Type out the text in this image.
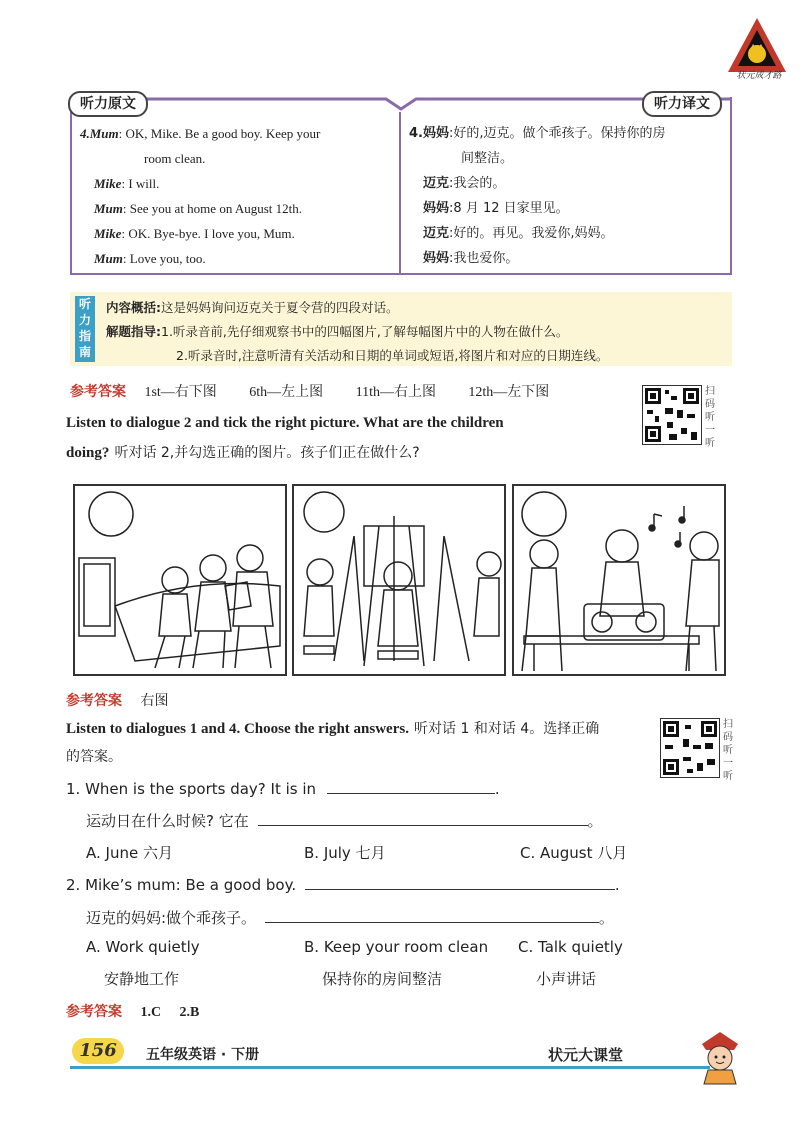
状元成才路
听力原文	听力译文
4.Mum: OK, Mike. Be a good boy. Keep your
room clean.
Mike: I will.
Mum: See you at home on August 12th.
Mike: OK. Bye-bye. I love you, Mum.
Mum: Love you, too.
4.妈妈:好的,迈克。做个乖孩子。保持你的房
间整洁。
迈克:我会的。
妈妈:8 月 12 日家里见。
迈克:好的。再见。我爱你,妈妈。
妈妈:我也爱你。
听力指南
内容概括:这是妈妈询问迈克关于夏令营的四段对话。
解题指导:1.听录音前,先仔细观察书中的四幅图片,了解每幅图片中的人物在做什么。
2.听录音时,注意听清有关活动和日期的单词或短语,将图片和对应的日期连线。
参考答案 1st—右下图 6th—左上图 11th—右上图 12th—左下图	扫码听一听
Listen to dialogue 2 and tick the right picture. What are the children
doing? 听对话 2,并勾选正确的图片。孩子们正在做什么?
参考答案 右图
Listen to dialogues 1 and 4. Choose the right answers. 听对话 1 和对话 4。选择正确
的答案。
扫码听一听
1. When is the sports day? It is in	.
运动日在什么时候? 它在	。
A. June 六月	B. July 七月	C. August 八月
2. Mike’s mum: Be a good boy.	.
迈克的妈妈:做个乖孩子。	。
A. Work quietly	B. Keep your room clean C. Talk quietly
安静地工作	保持你的房间整洁	小声讲话
参考答案 1.C 2.B
156	五年级英语 · 下册	状元大课堂
